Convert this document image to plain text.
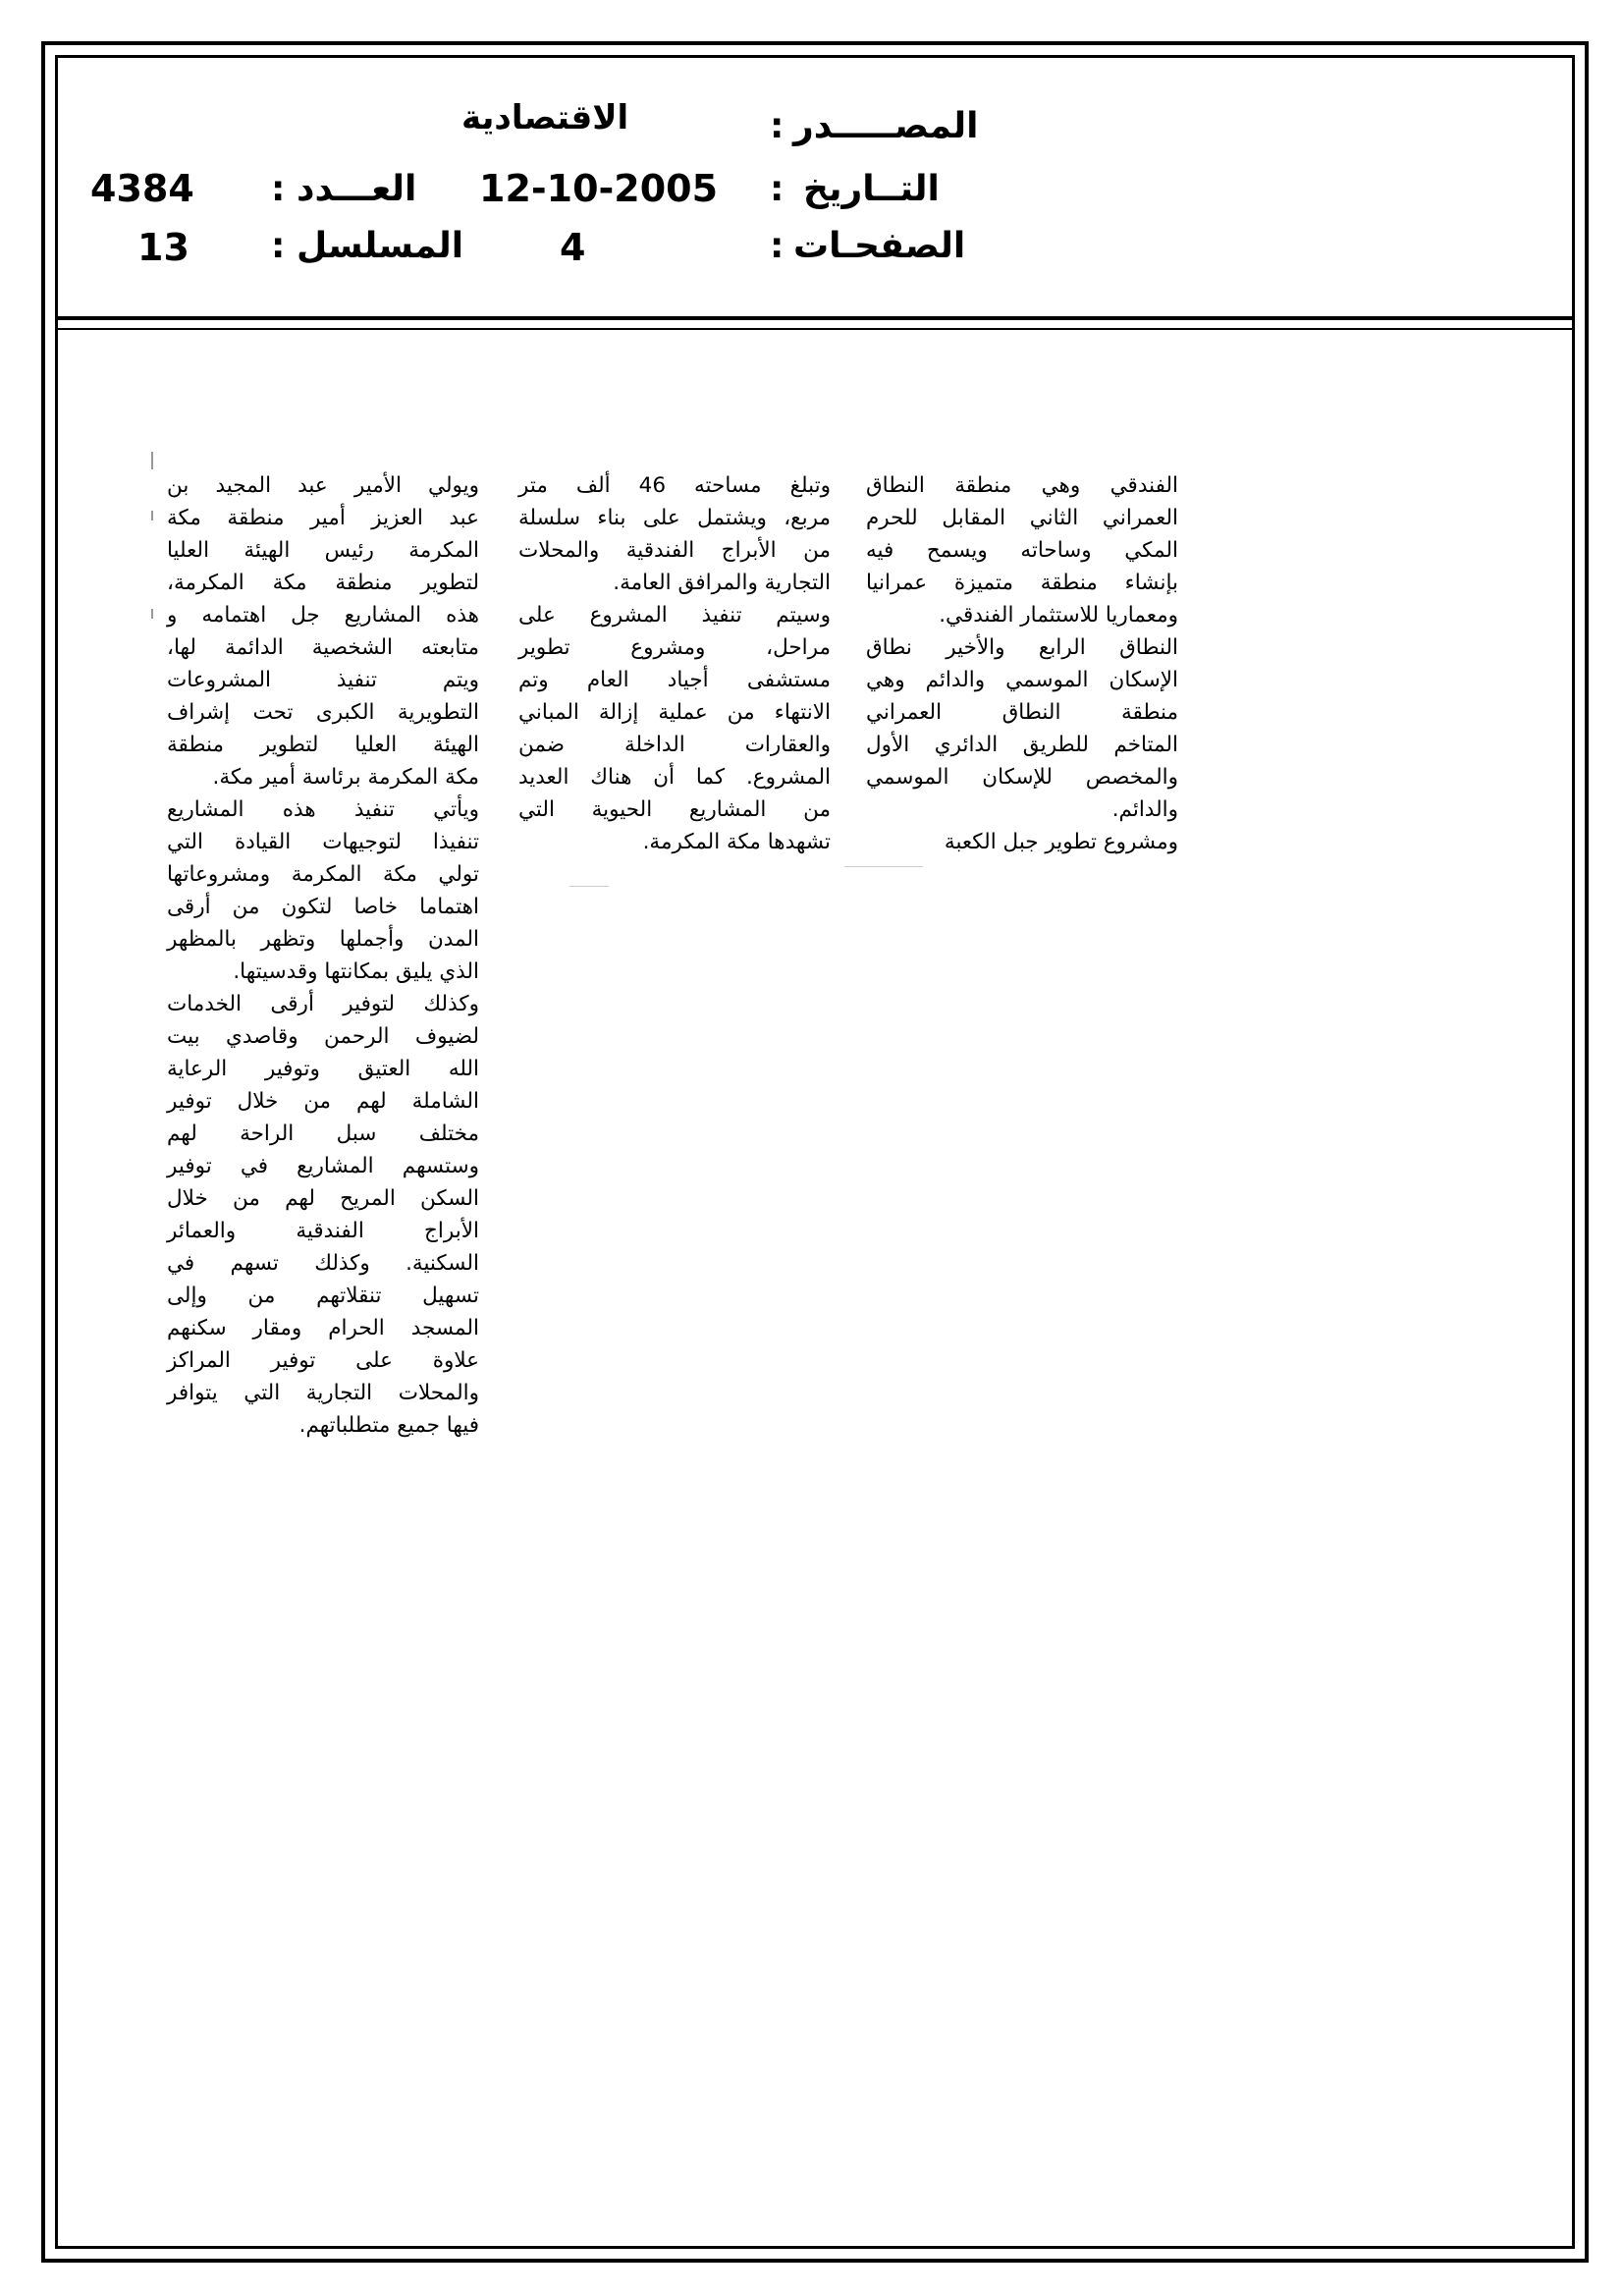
المصـــــدر
:
الاقتصادية
التــاريخ
:
12-10-2005
العـــدد
:
4384
الصفحـات
:
4
المسلسل
:
13
الفندقي وهي منطقة النطاق
العمراني الثاني المقابل للحرم
المكي وساحاته ويسمح فيه
بإنشاء منطقة متميزة عمرانيا
ومعماريا للاستثمار الفندقي.
النطاق الرابع والأخير نطاق
الإسكان الموسمي والدائم وهي
منطقة النطاق العمراني
المتاخم للطريق الدائري الأول
والمخصص للإسكان الموسمي
والدائم.
ومشروع تطوير جبل الكعبة
وتبلغ مساحته 46 ألف متر
مربع، ويشتمل على بناء سلسلة
من الأبراج الفندقية والمحلات
التجارية والمرافق العامة.
وسيتم تنفيذ المشروع على
مراحل، ومشروع تطوير
مستشفى أجياد العام وتم
الانتهاء من عملية إزالة المباني
والعقارات الداخلة ضمن
المشروع. كما أن هناك العديد
من المشاريع الحيوية التي
تشهدها مكة المكرمة.
ويولي الأمير عبد المجيد بن
عبد العزيز أمير منطقة مكة
المكرمة رئيس الهيئة العليا
لتطوير منطقة مكة المكرمة،
هذه المشاريع جل اهتمامه و
متابعته الشخصية الدائمة لها،
ويتم تنفيذ المشروعات
التطويرية الكبرى تحت إشراف
الهيئة العليا لتطوير منطقة
مكة المكرمة برئاسة أمير مكة.
ويأتي تنفيذ هذه المشاريع
تنفيذا لتوجيهات القيادة التي
تولي مكة المكرمة ومشروعاتها
اهتماما خاصا لتكون من أرقى
المدن وأجملها وتظهر بالمظهر
الذي يليق بمكانتها وقدسيتها.
وكذلك لتوفير أرقى الخدمات
لضيوف الرحمن وقاصدي بيت
الله العتيق وتوفير الرعاية
الشاملة لهم من خلال توفير
مختلف سبل الراحة لهم
وستسهم المشاريع في توفير
السكن المريح لهم من خلال
الأبراج الفندقية والعمائر
السكنية. وكذلك تسهم في
تسهيل تنقلاتهم من وإلى
المسجد الحرام ومقار سكنهم
علاوة على توفير المراكز
والمحلات التجارية التي يتوافر
فيها جميع متطلباتهم.
